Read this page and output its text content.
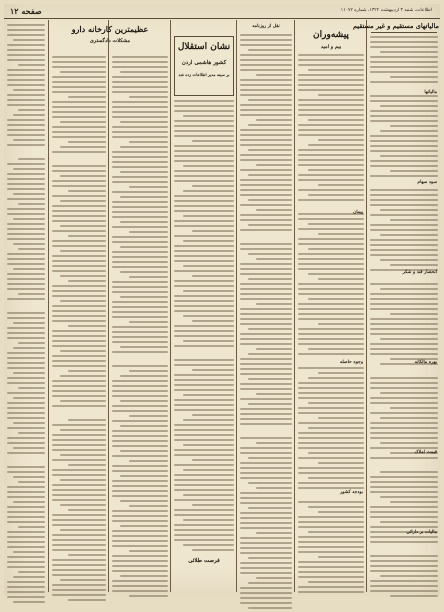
اطلاعات، شنبه ۳ اردیبهشت ۱۳۲۲، شماره ۱۱۰۷۲
صفحه ۱۲
مالیاتهای مستقیم و غیر مستقیم
مالیاتها
سود سهام
انحصار قند و شکر
بهره مالکانه
قیمت املاک
مالیات بر دارائی
پیشه‌وران
بیم و امید
پیمان
وجوه حاصله
بودجه کشور
نقل از روزنامه
نشان استقلال
کشور هاشمی اردن
بر سینه مدیر اطلاعات زده شد
فرصت طلائی
عظیمترین کارخانه دارو
مشکلات دادگستری
